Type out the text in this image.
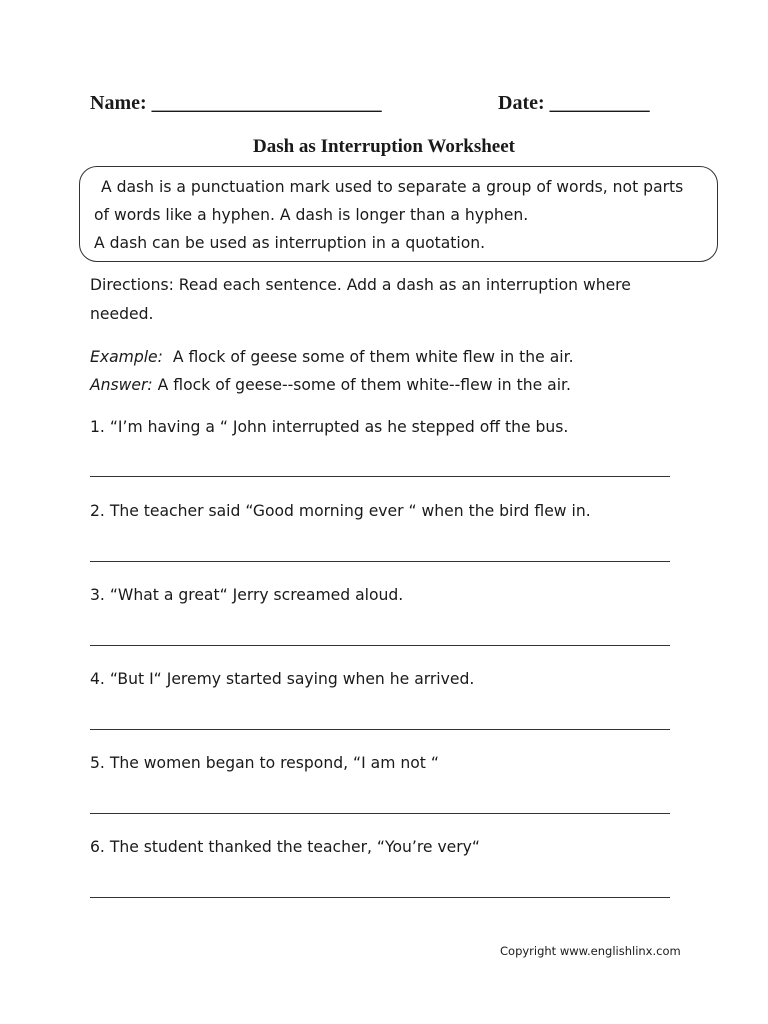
Name: _______________________	Date: __________
Dash as Interruption Worksheet
A dash is a punctuation mark used to separate a group of words, not parts
of words like a hyphen. A dash is longer than a hyphen.
A dash can be used as interruption in a quotation.
Directions: Read each sentence. Add a dash as an interruption where
needed.
Example:  A flock of geese some of them white flew in the air.
Answer: A flock of geese--some of them white--flew in the air.
1. “I’m having a “ John interrupted as he stepped off the bus.
2. The teacher said “Good morning ever “ when the bird flew in.
3. “What a great“ Jerry screamed aloud.
4. “But I“ Jeremy started saying when he arrived.
5. The women began to respond, “I am not “
6. The student thanked the teacher, “You’re very“
Copyright www.englishlinx.com
